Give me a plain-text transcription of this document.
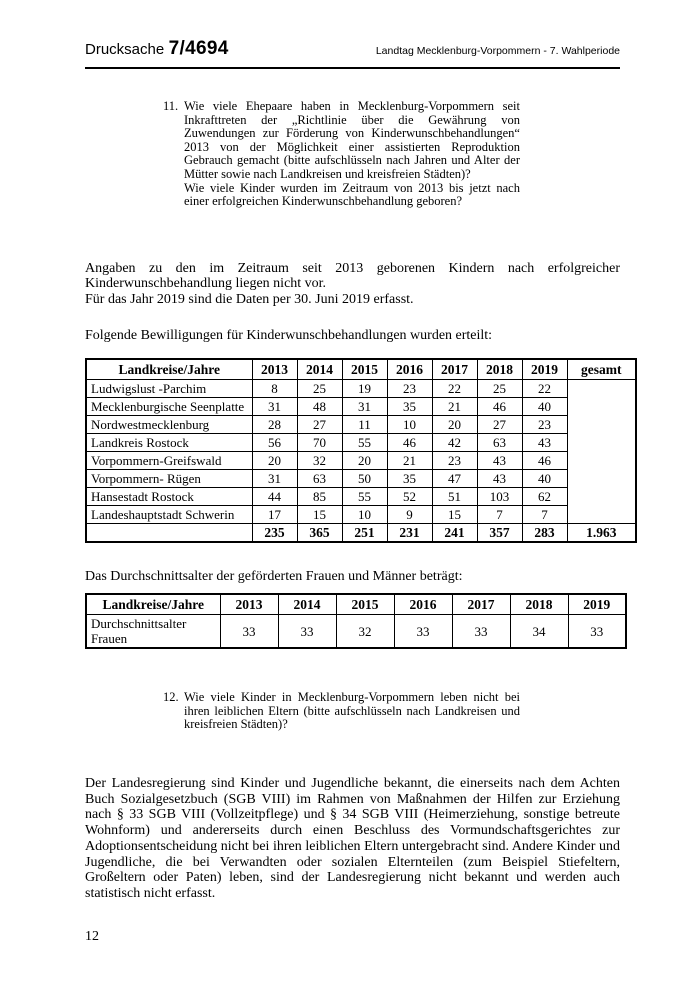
Drucksache 7/4694	Landtag Mecklenburg-Vorpommern - 7. Wahlperiode
11. Wie viele Ehepaare haben in Mecklenburg-Vorpommern seit Inkrafttreten der „Richtlinie über die Gewährung von Zuwendungen zur Förderung von Kinderwunschbehandlungen“ 2013 von der Möglichkeit einer assistierten Reproduktion Gebrauch gemacht (bitte aufschlüsseln nach Jahren und Alter der Mütter sowie nach Landkreisen und kreisfreien Städten)?

Wie viele Kinder wurden im Zeitraum von 2013 bis jetzt nach einer erfolgreichen Kinderwunschbehandlung geboren?

Angaben zu den im Zeitraum seit 2013 geborenen Kindern nach erfolgreicher Kinderwunschbehandlung liegen nicht vor.
Für das Jahr 2019 sind die Daten per 30. Juni 2019 erfasst.

Folgende Bewilligungen für Kinderwunschbehandlungen wurden erteilt:

Landkreise/Jahre	2013	2014	2015	2016	2017	2018	2019	gesamt
Ludwigslust -Parchim	8	25	19	23	22	25	22	
Mecklenburgische Seenplatte	31	48	31	35	21	46	40	
Nordwestmecklenburg	28	27	11	10	20	27	23	
Landkreis Rostock	56	70	55	46	42	63	43	
Vorpommern-Greifswald	20	32	20	21	23	43	46	
Vorpommern- Rügen	31	63	50	35	47	43	40	
Hansestadt Rostock	44	85	55	52	51	103	62	
Landeshauptstadt Schwerin	17	15	10	9	15	7	7	
	235	365	251	231	241	357	283	1.963

Das Durchschnittsalter der geförderten Frauen und Männer beträgt:

Landkreise/Jahre	2013	2014	2015	2016	2017	2018	2019
Durchschnittsalter Frauen	33	33	32	33	33	34	33
12. Wie viele Kinder in Mecklenburg-Vorpommern leben nicht bei ihren leiblichen Eltern (bitte aufschlüsseln nach Landkreisen und kreisfreien Städten)?

Der Landesregierung sind Kinder und Jugendliche bekannt, die einerseits nach dem Achten Buch Sozialgesetzbuch (SGB VIII) im Rahmen von Maßnahmen der Hilfen zur Erziehung nach § 33 SGB VIII (Vollzeitpflege) und § 34 SGB VIII (Heimerziehung, sonstige betreute Wohnform) und andererseits durch einen Beschluss des Vormundschaftsgerichtes zur Adoptionsentscheidung nicht bei ihren leiblichen Eltern untergebracht sind. Andere Kinder und Jugendliche, die bei Verwandten oder sozialen Elternteilen (zum Beispiel Stiefeltern, Großeltern oder Paten) leben, sind der Landesregierung nicht bekannt und werden auch statistisch nicht erfasst.

12
